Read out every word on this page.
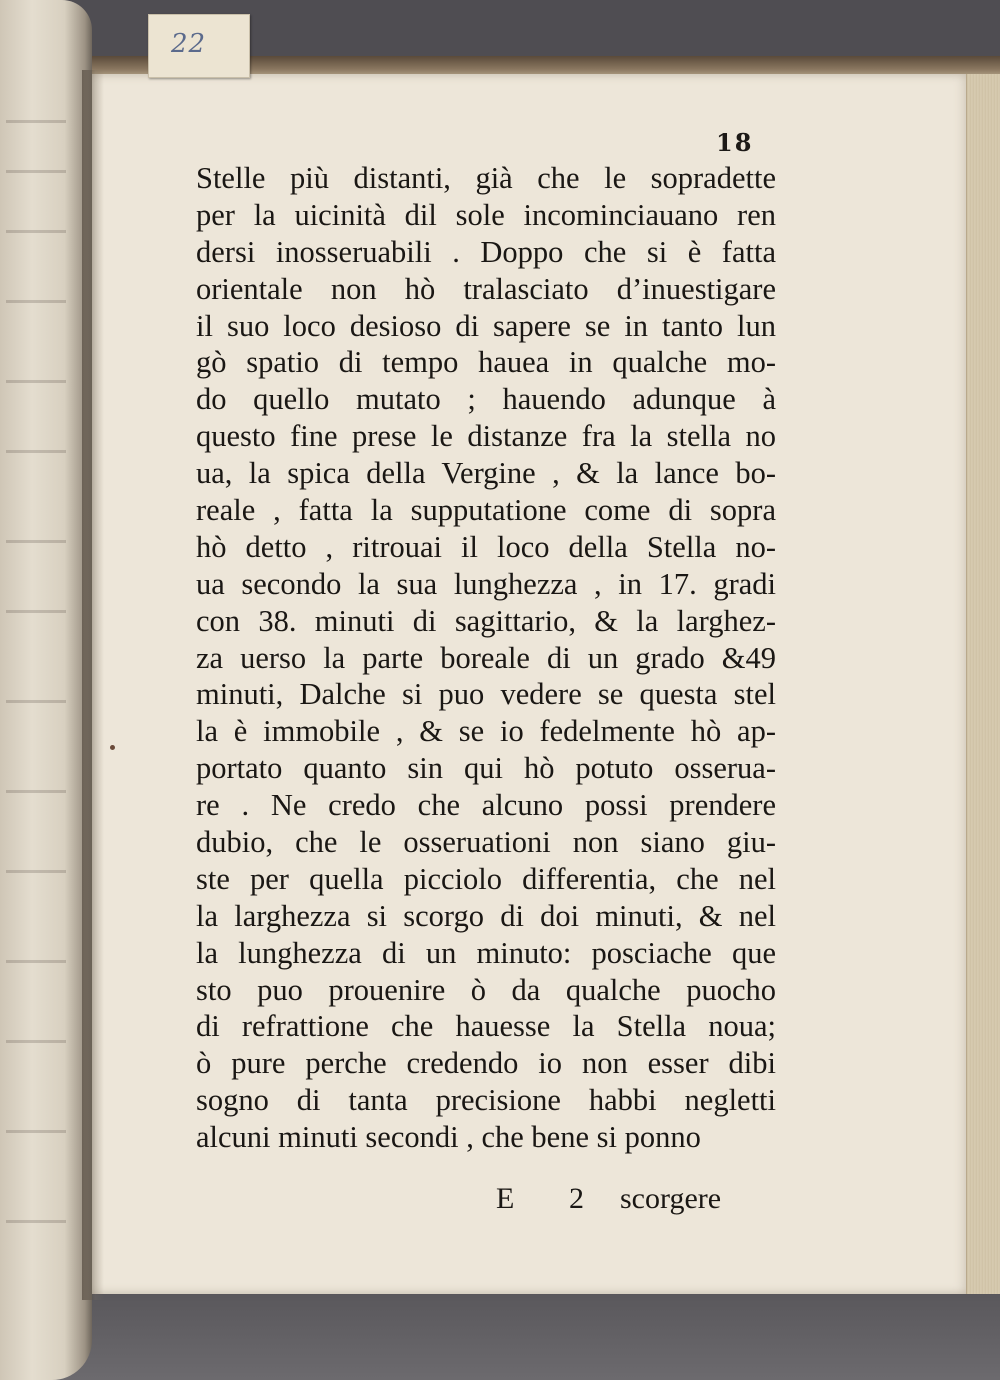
22
18
Stelle più distanti, già che le sopradette
per la uicinità dil sole incominciauano ren
dersi inosseruabili . Doppo che si è fatta
orientale non hò tralasciato d’inuestigare
il suo loco desioso di sapere se in tanto lun
gò spatio di tempo hauea in qualche mo-
do quello mutato ; hauendo adunque à
questo fine prese le distanze fra la stella no
ua, la spica della Vergine , & la lance bo-
reale , fatta la supputatione come di sopra
hò detto , ritrouai il loco della Stella no-
ua secondo la sua lunghezza , in 17. gradi
con 38. minuti di sagittario, & la larghez-
za uerso la parte boreale di un grado &49
minuti, Dalche si puo vedere se questa stel
la è immobile , & se io fedelmente hò ap-
portato quanto sin qui hò potuto osserua-
re . Ne credo che alcuno possi prendere
dubio, che le osseruationi non siano giu-
ste per quella picciolo differentia, che nel
la larghezza si scorgo di doi minuti, & nel
la lunghezza di un minuto: posciache que
sto puo prouenire ò da qualche puocho
di refrattione che hauesse la Stella noua;
ò pure perche credendo io non esser dibi
sogno di tanta precisione habbi negletti
alcuni minuti secondi , che bene si ponno
E 2 scorgere
